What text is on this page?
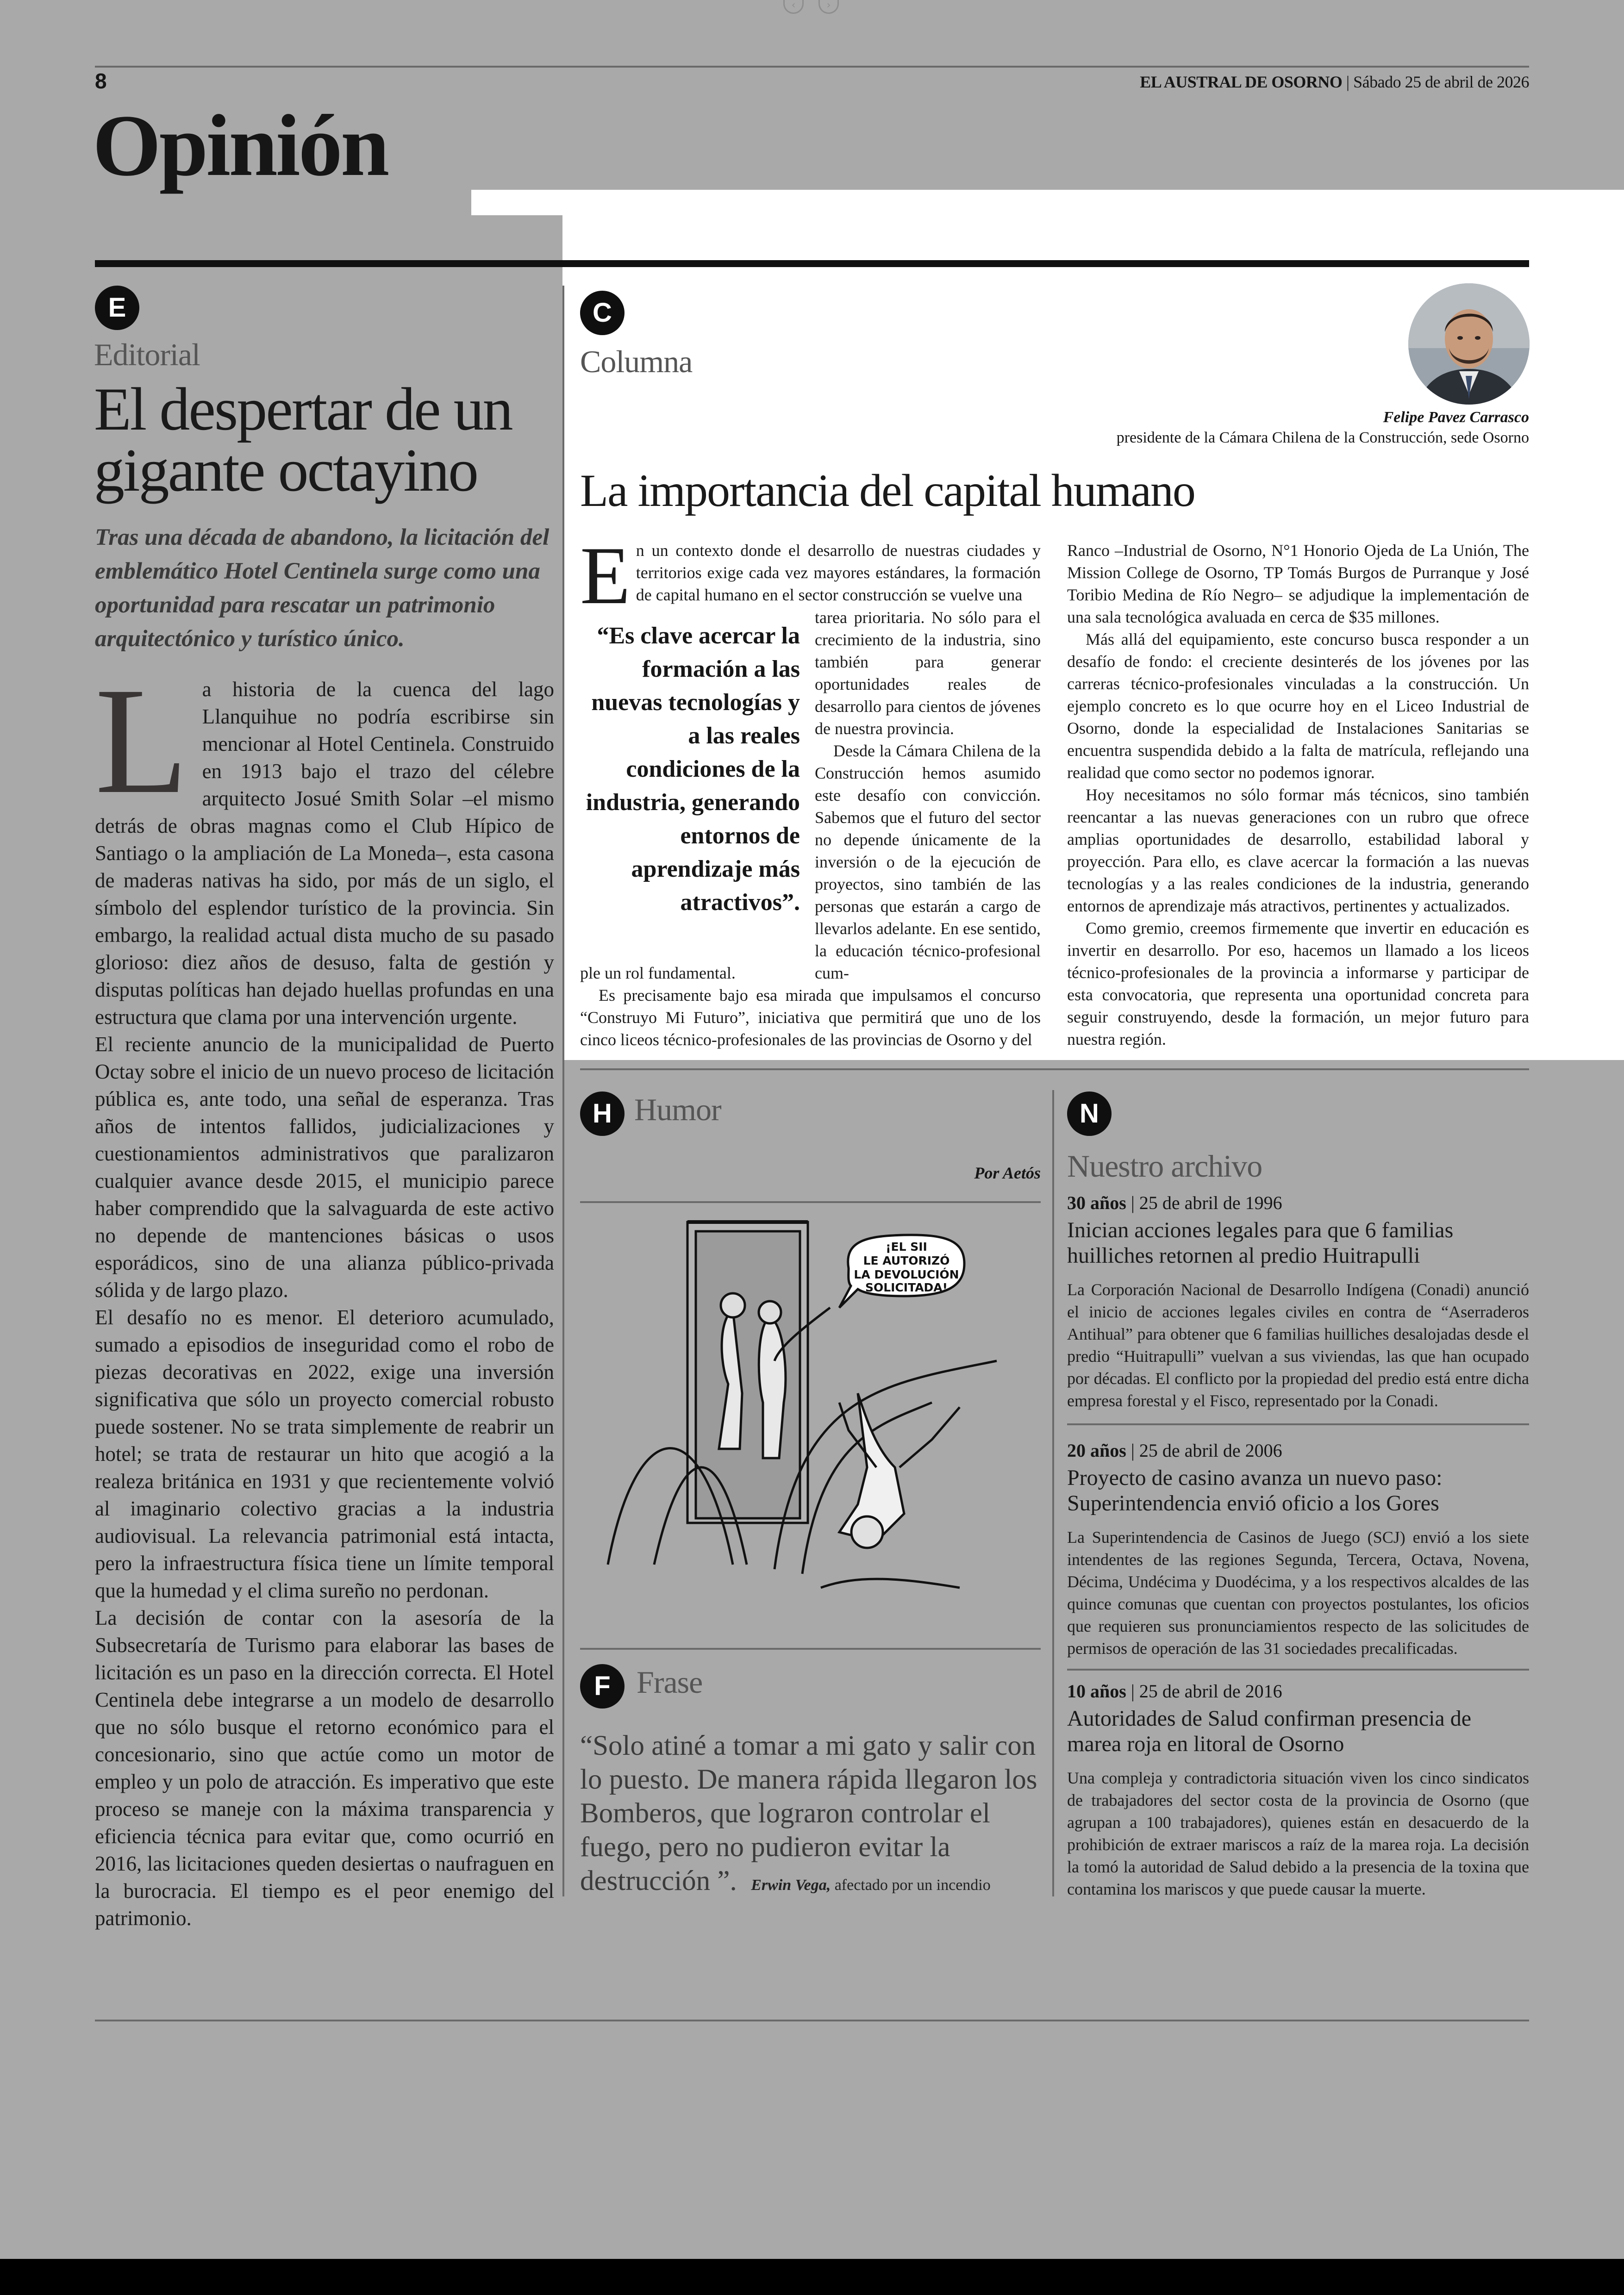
‹	›
8	EL AUSTRAL DE OSORNO | Sábado 25 de abril de 2026
Opinión
E
Editorial
El despertar de un gigante octayino
Tras una década de abandono, la licitación del emblemático Hotel Centinela surge como una oportunidad para rescatar un patrimonio arquitectónico y turístico único.
L a historia de la cuenca del lago Llanquihue no podría escribirse sin mencionar al Hotel Centinela. Construido en 1913 bajo el trazo del célebre arquitecto Josué Smith Solar –el mismo detrás de obras magnas como el Club Hípico de Santiago o la ampliación de La Moneda–, esta casona de maderas nativas ha sido, por más de un siglo, el símbolo del esplendor turístico de la provincia. Sin embargo, la realidad actual dista mucho de su pasado glorioso: diez años de desuso, falta de gestión y disputas políticas han dejado huellas profundas en una estructura que clama por una intervención urgente.

El reciente anuncio de la municipalidad de Puerto Octay sobre el inicio de un nuevo proceso de licitación pública es, ante todo, una señal de esperanza. Tras años de intentos fallidos, judicializaciones y cuestionamientos administrativos que paralizaron cualquier avance desde 2015, el municipio parece haber comprendido que la salvaguarda de este activo no depende de mantenciones básicas o usos esporádicos, sino de una alianza público-privada sólida y de largo plazo.

El desafío no es menor. El deterioro acumulado, sumado a episodios de inseguridad como el robo de piezas decorativas en 2022, exige una inversión significativa que sólo un proyecto comercial robusto puede sostener. No se trata simplemente de reabrir un hotel; se trata de restaurar un hito que acogió a la realeza británica en 1931 y que recientemente volvió al imaginario colectivo gracias a la industria audiovisual. La relevancia patrimonial está intacta, pero la infraestructura física tiene un límite temporal que la humedad y el clima sureño no perdonan.

La decisión de contar con la asesoría de la Subsecretaría de Turismo para elaborar las bases de licitación es un paso en la dirección correcta. El Hotel Centinela debe integrarse a un modelo de desarrollo que no sólo busque el retorno económico para el concesionario, sino que actúe como un motor de empleo y un polo de atracción. Es imperativo que este proceso se maneje con la máxima transparencia y eficiencia técnica para evitar que, como ocurrió en 2016, las licitaciones queden desiertas o naufraguen en la burocracia. El tiempo es el peor enemigo del patrimonio.

C
Columna
Felipe Pavez Carrasco
presidente de la Cámara Chilena de la Construcción, sede Osorno
La importancia del capital humano
E n un contexto donde el desarrollo de nuestras ciudades y territorios exige cada vez mayores estándares, la formación de capital humano en el sector construcción se vuelve una

“Es clave acercar la formación a las nuevas tecnologías y a las reales condiciones de la industria, generando entornos de aprendizaje más atractivos”.

tarea prioritaria. No sólo para el crecimiento de la industria, sino también para generar oportunidades reales de desarrollo para cientos de jóvenes de nuestra provincia.

Desde la Cámara Chilena de la Construcción hemos asumido este desafío con convicción. Sabemos que el futuro del sector no depende únicamente de la inversión o de la ejecución de proyectos, sino también de las personas que estarán a cargo de llevarlos adelante. En ese sentido, la educación técnico-profesional cum-

ple un rol fundamental.

Es precisamente bajo esa mirada que impulsamos el concurso “Construyo Mi Futuro”, iniciativa que permitirá que uno de los cinco liceos técnico-profesionales de las provincias de Osorno y del

Ranco –Industrial de Osorno, N°1 Honorio Ojeda de La Unión, The Mission College de Osorno, TP Tomás Burgos de Purranque y José Toribio Medina de Río Negro– se adjudique la implementación de una sala tecnológica avaluada en cerca de $35 millones.

Más allá del equipamiento, este concurso busca responder a un desafío de fondo: el creciente desinterés de los jóvenes por las carreras técnico-profesionales vinculadas a la construcción. Un ejemplo concreto es lo que ocurre hoy en el Liceo Industrial de Osorno, donde la especialidad de Instalaciones Sanitarias se encuentra suspendida debido a la falta de matrícula, reflejando una realidad que como sector no podemos ignorar.

Hoy necesitamos no sólo formar más técnicos, sino también reencantar a las nuevas generaciones con un rubro que ofrece amplias oportunidades de desarrollo, estabilidad laboral y proyección. Para ello, es clave acercar la formación a las nuevas tecnologías y a las reales condiciones de la industria, generando entornos de aprendizaje más atractivos, pertinentes y actualizados.

Como gremio, creemos firmemente que invertir en educación es invertir en desarrollo. Por eso, hacemos un llamado a los liceos técnico-profesionales de la provincia a informarse y participar de esta convocatoria, que representa una oportunidad concreta para seguir construyendo, desde la formación, un mejor futuro para nuestra región.

H Humor
Por Aetós
¡EL SII
LE AUTORIZÓ
LA DEVOLUCIÓN
SOLICITADA!
F Frase
“Solo atiné a tomar a mi gato y salir con lo puesto. De manera rápida llegaron los Bomberos, que lograron controlar el fuego, pero no pudieron evitar la destrucción ”. Erwin Vega, afectado por un incendio
N
Nuestro archivo
30 años | 25 de abril de 1996
Inician acciones legales para que 6 familias huilliches retornen al predio Huitrapulli
La Corporación Nacional de Desarrollo Indígena (Conadi) anunció el inicio de acciones legales civiles en contra de “Aserraderos Antihual” para obtener que 6 familias huilliches desalojadas desde el predio “Huitrapulli” vuelvan a sus viviendas, las que han ocupado por décadas. El conflicto por la propiedad del predio está entre dicha empresa forestal y el Fisco, representado por la Conadi.
20 años | 25 de abril de 2006
Proyecto de casino avanza un nuevo paso: Superintendencia envió oficio a los Gores
La Superintendencia de Casinos de Juego (SCJ) envió a los siete intendentes de las regiones Segunda, Tercera, Octava, Novena, Décima, Undécima y Duodécima, y a los respectivos alcaldes de las quince comunas que cuentan con proyectos postulantes, los oficios que requieren sus pronunciamientos respecto de las solicitudes de permisos de operación de las 31 sociedades precalificadas.
10 años | 25 de abril de 2016
Autoridades de Salud confirman presencia de marea roja en litoral de Osorno
Una compleja y contradictoria situación viven los cinco sindicatos de trabajadores del sector costa de la provincia de Osorno (que agrupan a 100 trabajadores), quienes están en desacuerdo de la prohibición de extraer mariscos a raíz de la marea roja. La decisión la tomó la autoridad de Salud debido a la presencia de la toxina que contamina los mariscos y que puede causar la muerte.
